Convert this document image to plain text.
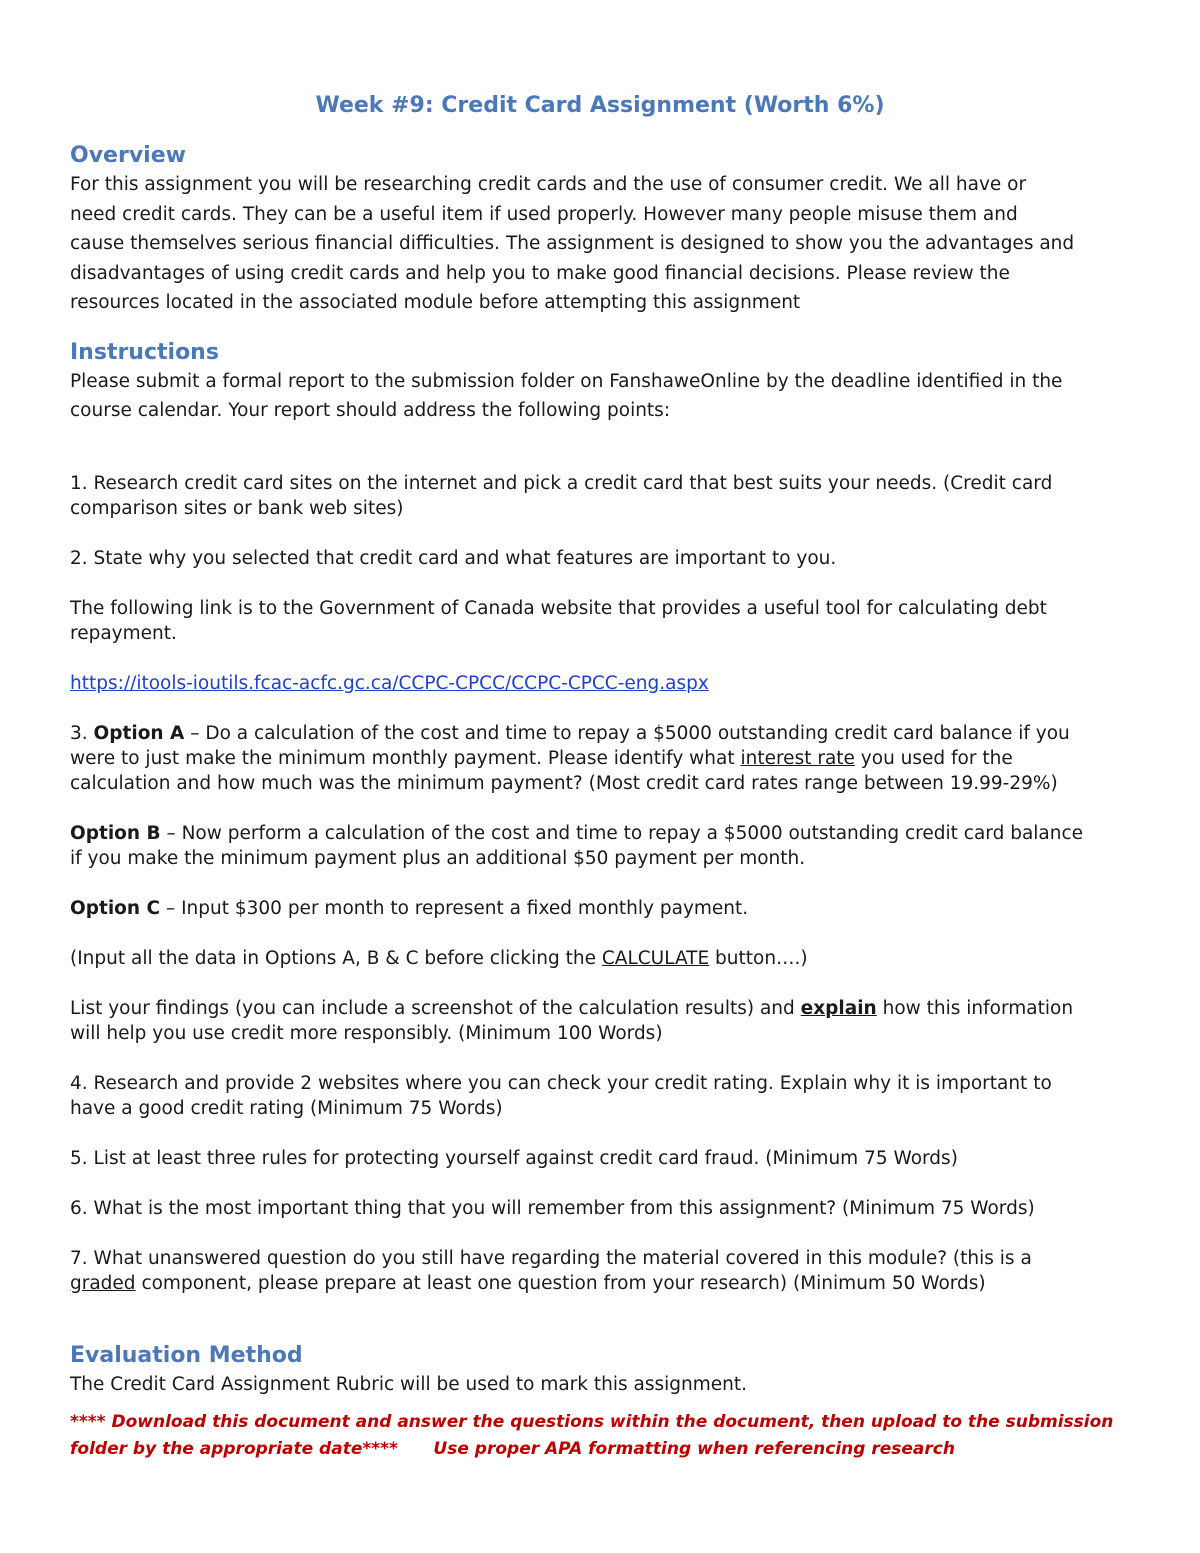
Week #9: Credit Card Assignment (Worth 6%)
Overview
For this assignment you will be researching credit cards and the use of consumer credit. We all have or
need credit cards. They can be a useful item if used properly. However many people misuse them and
cause themselves serious financial difficulties. The assignment is designed to show you the advantages and
disadvantages of using credit cards and help you to make good financial decisions. Please review the
resources located in the associated module before attempting this assignment
Instructions
Please submit a formal report to the submission folder on FanshaweOnline by the deadline identified in the
course calendar. Your report should address the following points:
1. Research credit card sites on the internet and pick a credit card that best suits your needs. (Credit card
comparison sites or bank web sites)
2. State why you selected that credit card and what features are important to you.
The following link is to the Government of Canada website that provides a useful tool for calculating debt
repayment.
https://itools-ioutils.fcac-acfc.gc.ca/CCPC-CPCC/CCPC-CPCC-eng.aspx
3. Option A – Do a calculation of the cost and time to repay a $5000 outstanding credit card balance if you
were to just make the minimum monthly payment. Please identify what interest rate you used for the
calculation and how much was the minimum payment? (Most credit card rates range between 19.99-29%)
Option B – Now perform a calculation of the cost and time to repay a $5000 outstanding credit card balance
if you make the minimum payment plus an additional $50 payment per month.
Option C – Input $300 per month to represent a fixed monthly payment.
(Input all the data in Options A, B & C before clicking the CALCULATE button….)
List your findings (you can include a screenshot of the calculation results) and explain how this information
will help you use credit more responsibly. (Minimum 100 Words)
4. Research and provide 2 websites where you can check your credit rating. Explain why it is important to
have a good credit rating (Minimum 75 Words)
5. List at least three rules for protecting yourself against credit card fraud. (Minimum 75 Words)
6. What is the most important thing that you will remember from this assignment? (Minimum 75 Words)
7. What unanswered question do you still have regarding the material covered in this module? (this is a
graded component, please prepare at least one question from your research) (Minimum 50 Words)
Evaluation Method
The Credit Card Assignment Rubric will be used to mark this assignment.
**** Download this document and answer the questions within the document, then upload to the submission
folder by the appropriate date****      Use proper APA formatting when referencing research
